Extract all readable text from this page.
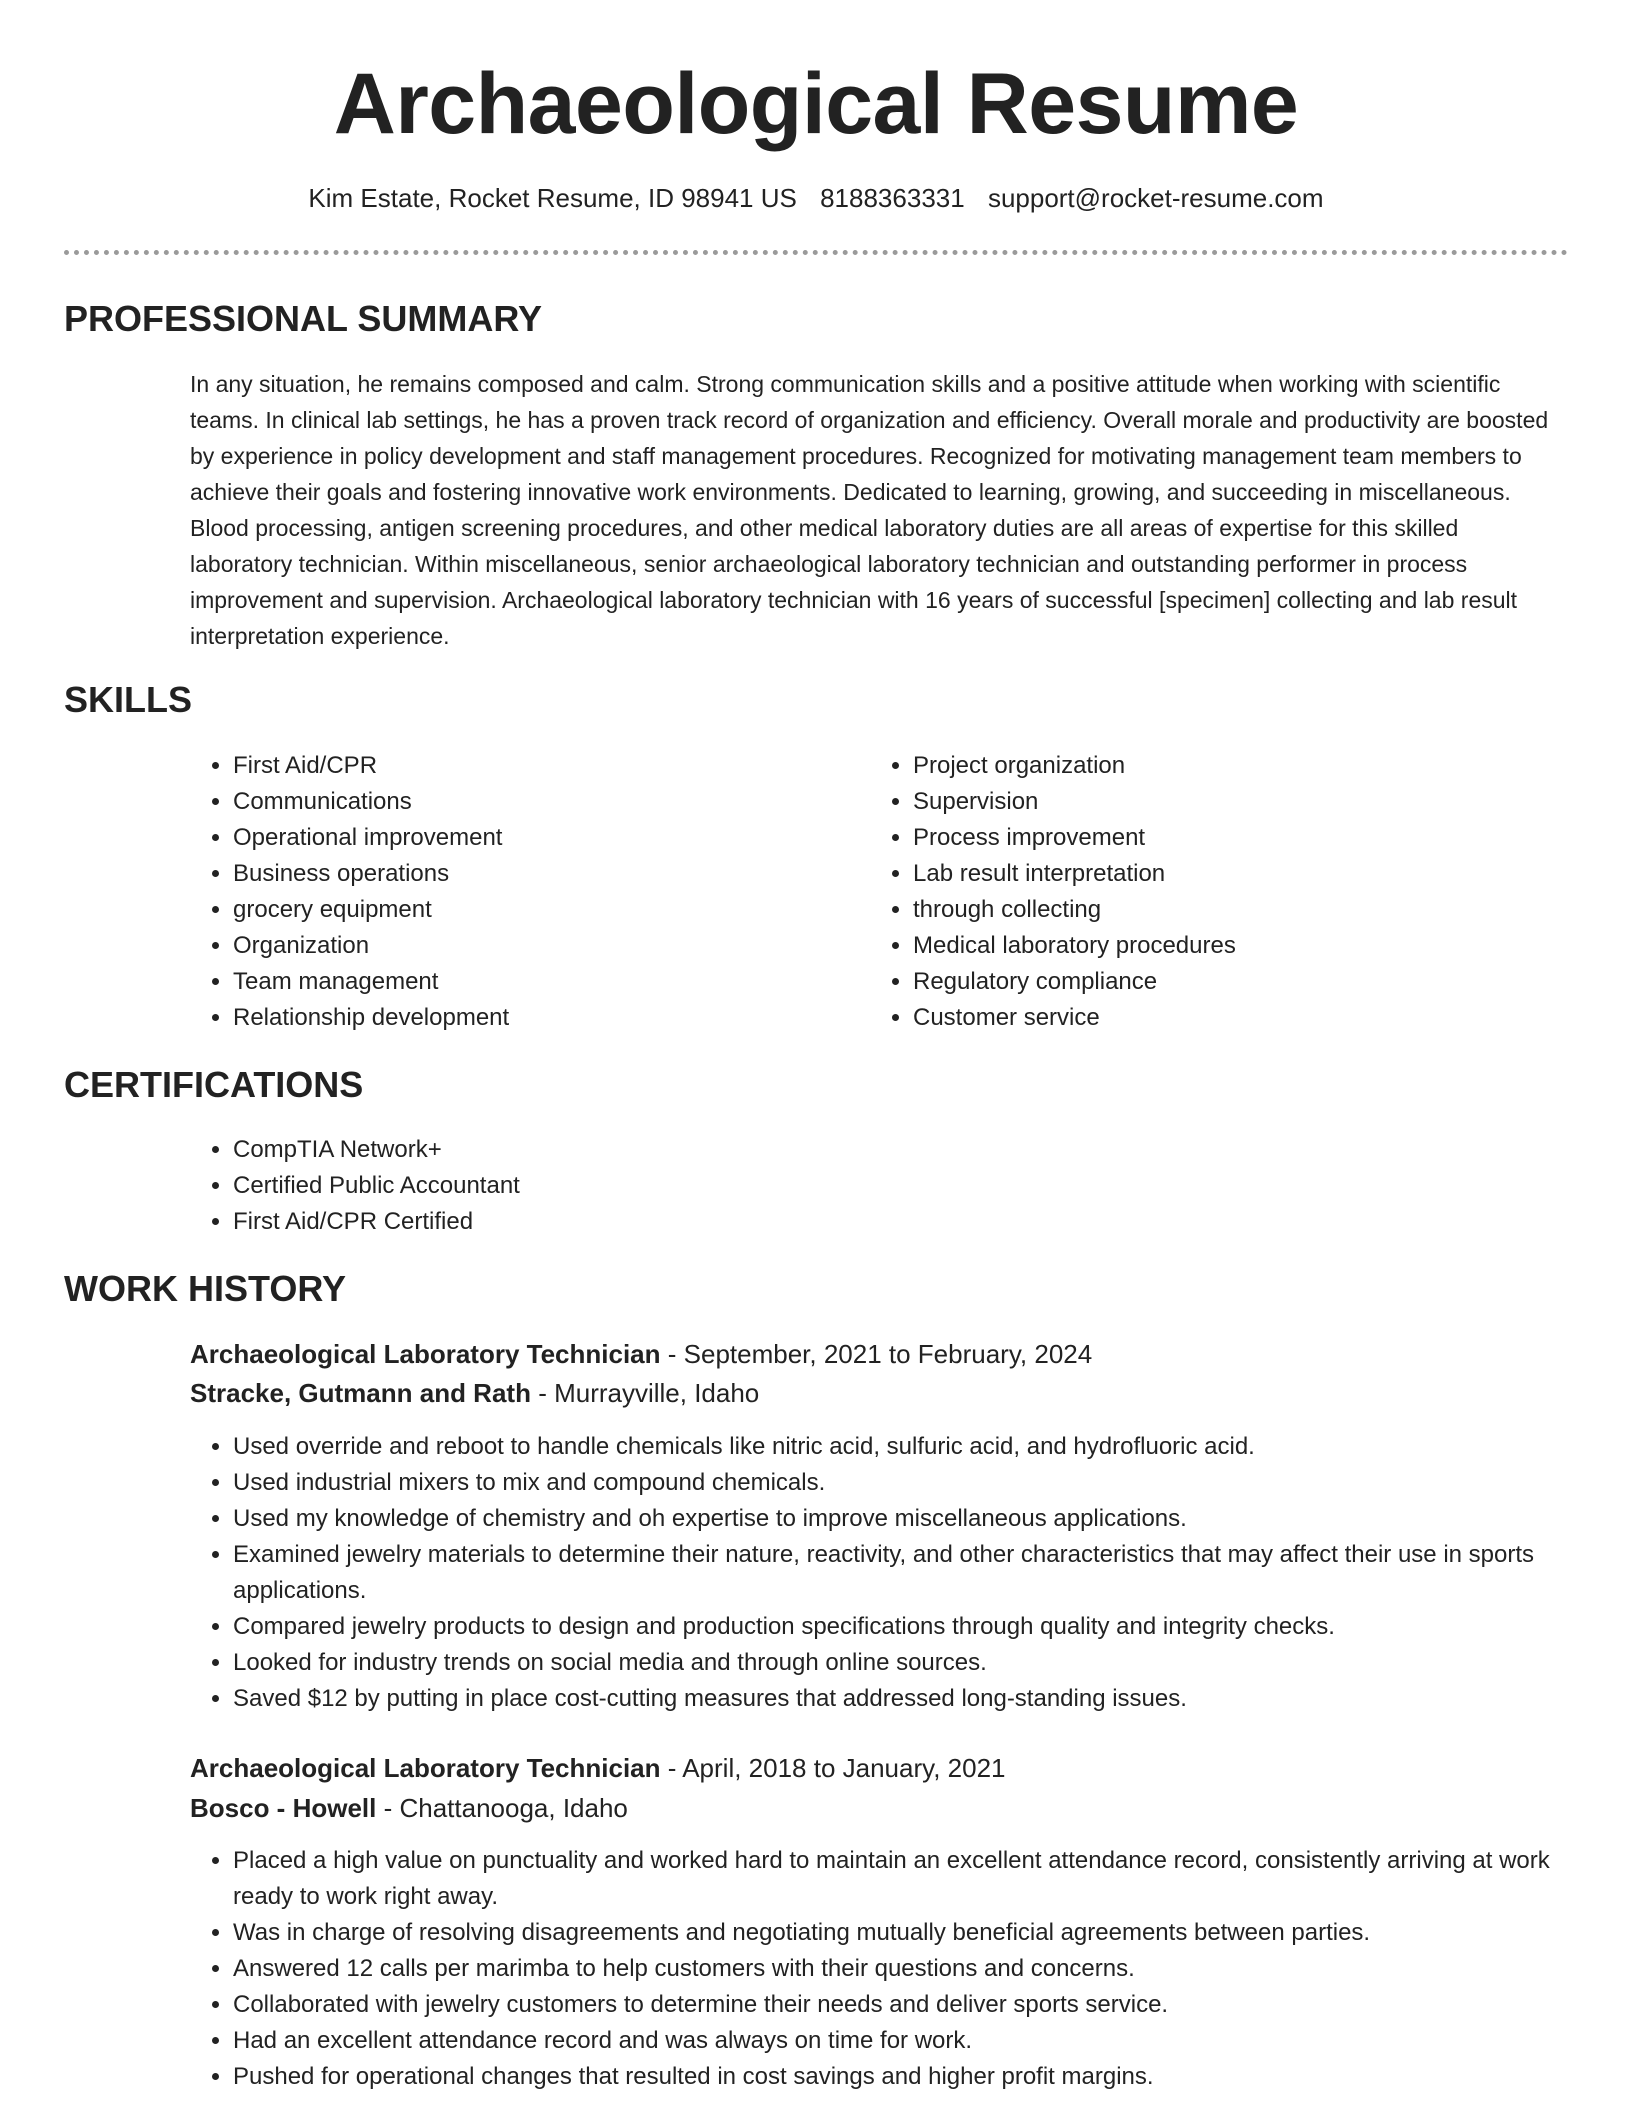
Archaeological Resume
Kim Estate, Rocket Resume, ID 98941 US 8188363331 support@rocket-resume.com
PROFESSIONAL SUMMARY

In any situation, he remains composed and calm. Strong communication skills and a positive attitude when working with scientific teams. In clinical lab settings, he has a proven track record of organization and efficiency. Overall morale and productivity are boosted by experience in policy development and staff management procedures. Recognized for motivating management team members to achieve their goals and fostering innovative work environments. Dedicated to learning, growing, and succeeding in miscellaneous. Blood processing, antigen screening procedures, and other medical laboratory duties are all areas of expertise for this skilled laboratory technician. Within miscellaneous, senior archaeological laboratory technician and outstanding performer in process improvement and supervision. Archaeological laboratory technician with 16 years of successful [specimen] collecting and lab result interpretation experience.

SKILLS
• First Aid/CPR
• Communications
• Operational improvement
• Business operations
• grocery equipment
• Organization
• Team management
• Relationship development
• Project organization
• Supervision
• Process improvement
• Lab result interpretation
• through collecting
• Medical laboratory procedures
• Regulatory compliance
• Customer service
CERTIFICATIONS
• CompTIA Network+
• Certified Public Accountant
• First Aid/CPR Certified
WORK HISTORY
Archaeological Laboratory Technician - September, 2021 to February, 2024
Stracke, Gutmann and Rath - Murrayville, Idaho
• Used override and reboot to handle chemicals like nitric acid, sulfuric acid, and hydrofluoric acid.
• Used industrial mixers to mix and compound chemicals.
• Used my knowledge of chemistry and oh expertise to improve miscellaneous applications.
• Examined jewelry materials to determine their nature, reactivity, and other characteristics that may affect their use in sports applications.
• Compared jewelry products to design and production specifications through quality and integrity checks.
• Looked for industry trends on social media and through online sources.
• Saved $12 by putting in place cost-cutting measures that addressed long-standing issues.
Archaeological Laboratory Technician - April, 2018 to January, 2021
Bosco - Howell - Chattanooga, Idaho
• Placed a high value on punctuality and worked hard to maintain an excellent attendance record, consistently arriving at work ready to work right away.
• Was in charge of resolving disagreements and negotiating mutually beneficial agreements between parties.
• Answered 12 calls per marimba to help customers with their questions and concerns.
• Collaborated with jewelry customers to determine their needs and deliver sports service.
• Had an excellent attendance record and was always on time for work.
• Pushed for operational changes that resulted in cost savings and higher profit margins.
